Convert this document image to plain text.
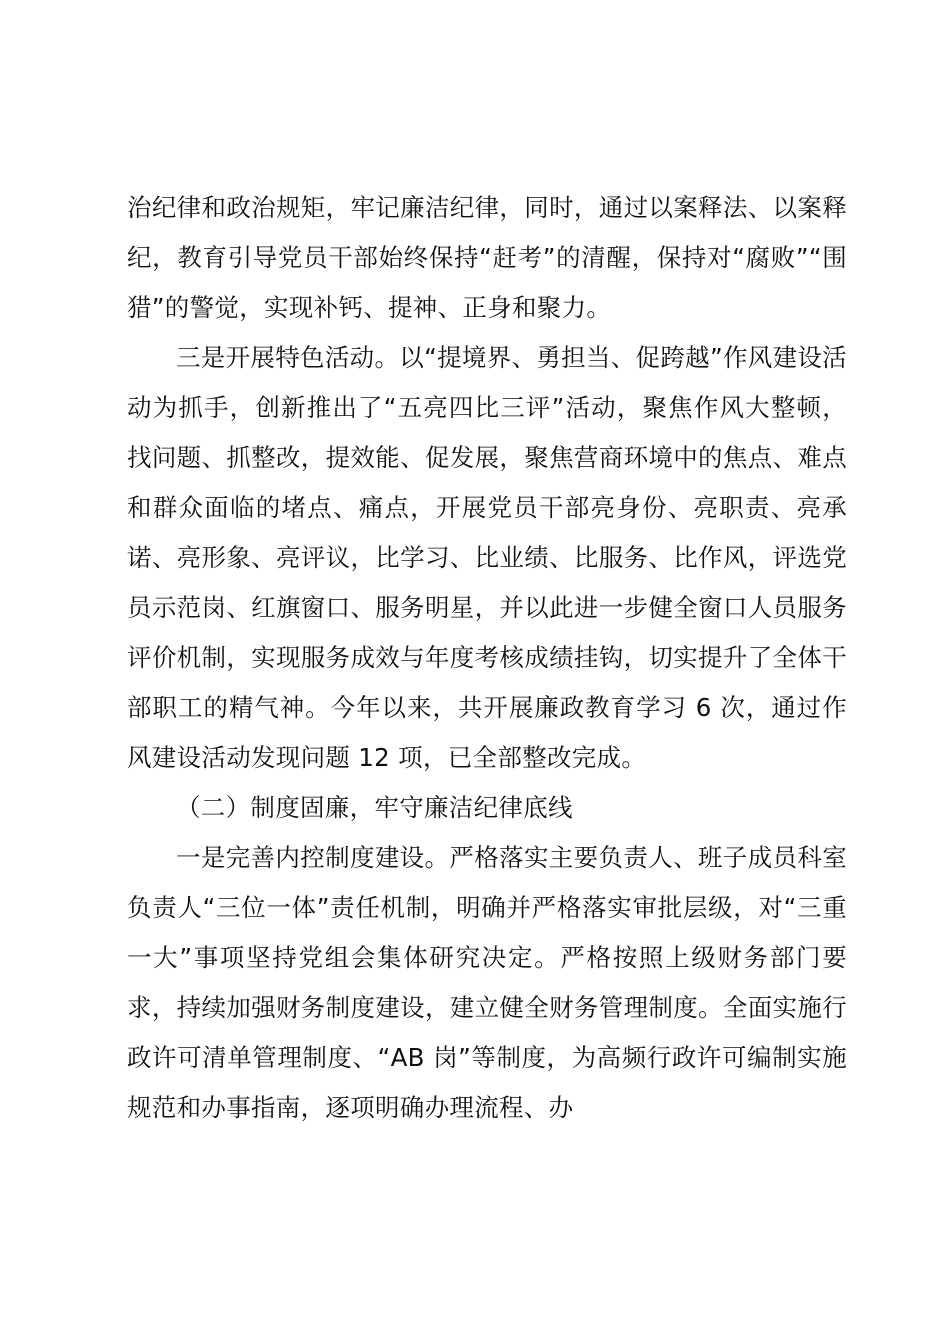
治纪律和政治规矩，牢记廉洁纪律，同时，通过以案释法、以案释纪，教育引导党员干部始终保持“赶考”的清醒，保持对“腐败”“围猎”的警觉，实现补钙、提神、正身和聚力。

三是开展特色活动。以“提境界、勇担当、促跨越”作风建设活动为抓手，创新推出了“五亮四比三评”活动，聚焦作风大整顿，找问题、抓整改，提效能、促发展，聚焦营商环境中的焦点、难点和群众面临的堵点、痛点，开展党员干部亮身份、亮职责、亮承诺、亮形象、亮评议，比学习、比业绩、比服务、比作风，评选党员示范岗、红旗窗口、服务明星，并以此进一步健全窗口人员服务评价机制，实现服务成效与年度考核成绩挂钩，切实提升了全体干部职工的精气神。今年以来，共开展廉政教育学习 6 次，通过作风建设活动发现问题 12 项，已全部整改完成。

（二）制度固廉，牢守廉洁纪律底线

一是完善内控制度建设。严格落实主要负责人、班子成员科室负责人“三位一体”责任机制，明确并严格落实审批层级，对“三重一大”事项坚持党组会集体研究决定。严格按照上级财务部门要求，持续加强财务制度建设，建立健全财务管理制度。全面实施行政许可清单管理制度、“AB 岗”等制度，为高频行政许可编制实施规范和办事指南，逐项明确办理流程、办
